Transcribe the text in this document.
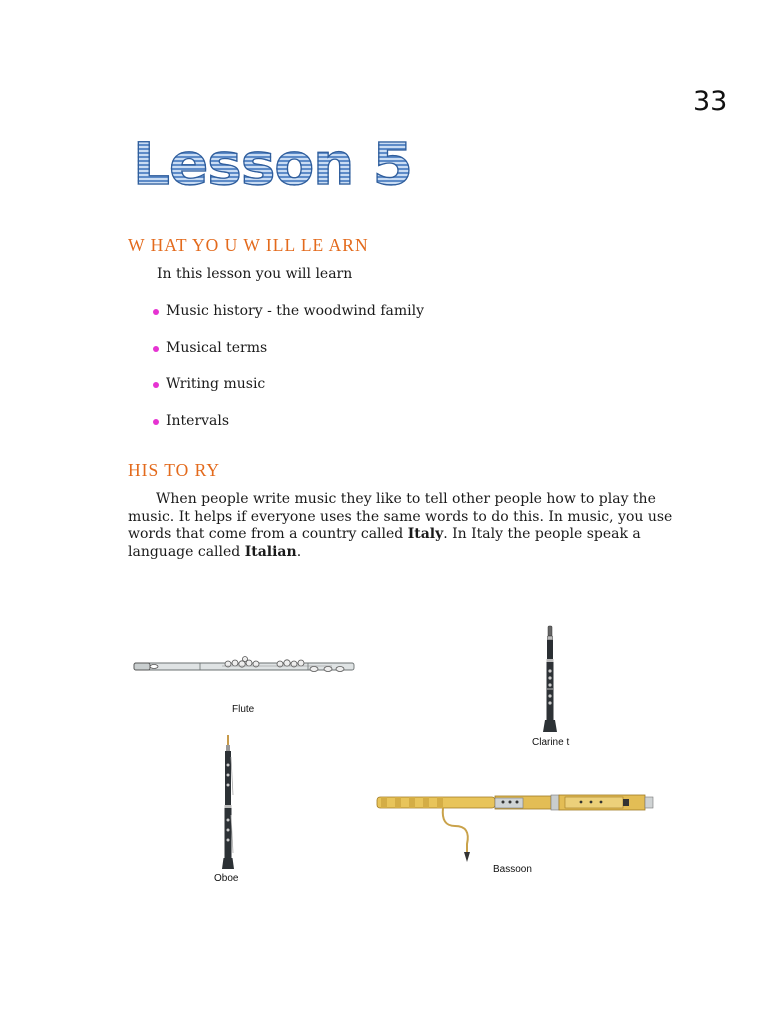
33
Lesson 5
W HAT YO U W ILL LE ARN
In this lesson you will learn
Music history - the woodwind family
Musical terms
Writing music
Intervals
HIS TO RY

When people write music they like to tell other people how to play the music. It helps if everyone uses the same words to do this. In music, you use words that come from a country called Italy. In Italy the people speak a language called Italian.

Flute
Clarine t
Oboe
Bassoon
